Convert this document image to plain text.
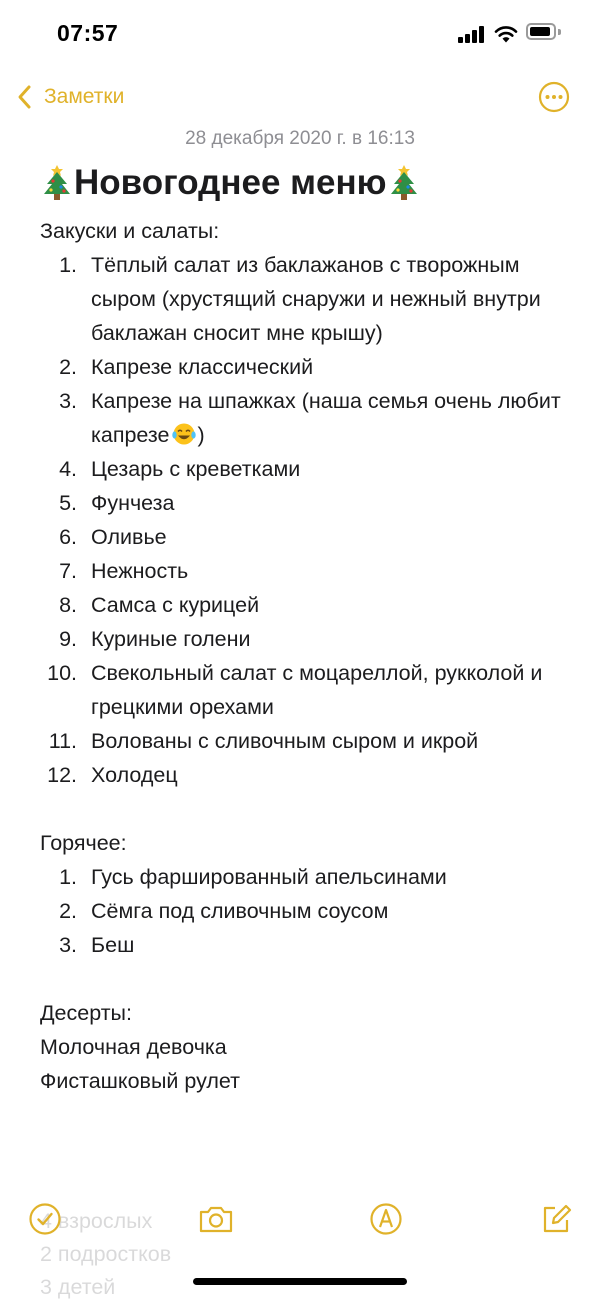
07:57
Заметки
28 декабря 2020 г. в 16:13
Новогоднее меню
Закуски и салаты:
1. Тёплый салат из баклажанов с творожным сыром (хрустящий снаружи и нежный внутри баклажан сносит мне крышу)
2. Капрезе классический
3. Капрезе на шпажках (наша семья очень любит капрезе )
4. Цезарь с креветками
5. Фунчеза
6. Оливье
7. Нежность
8. Самса с курицей
9. Куриные голени
10. Свекольный салат с моцареллой, рукколой и грецкими орехами
11. Волованы с сливочным сыром и икрой
12. Холодец
Горячее:
1. Гусь фаршированный апельсинами
2. Сёмга под сливочным соусом
3. Беш
Десерты:
Молочная девочка
Фисташковый рулет
4 взрослых
2 подростков
3 детей
